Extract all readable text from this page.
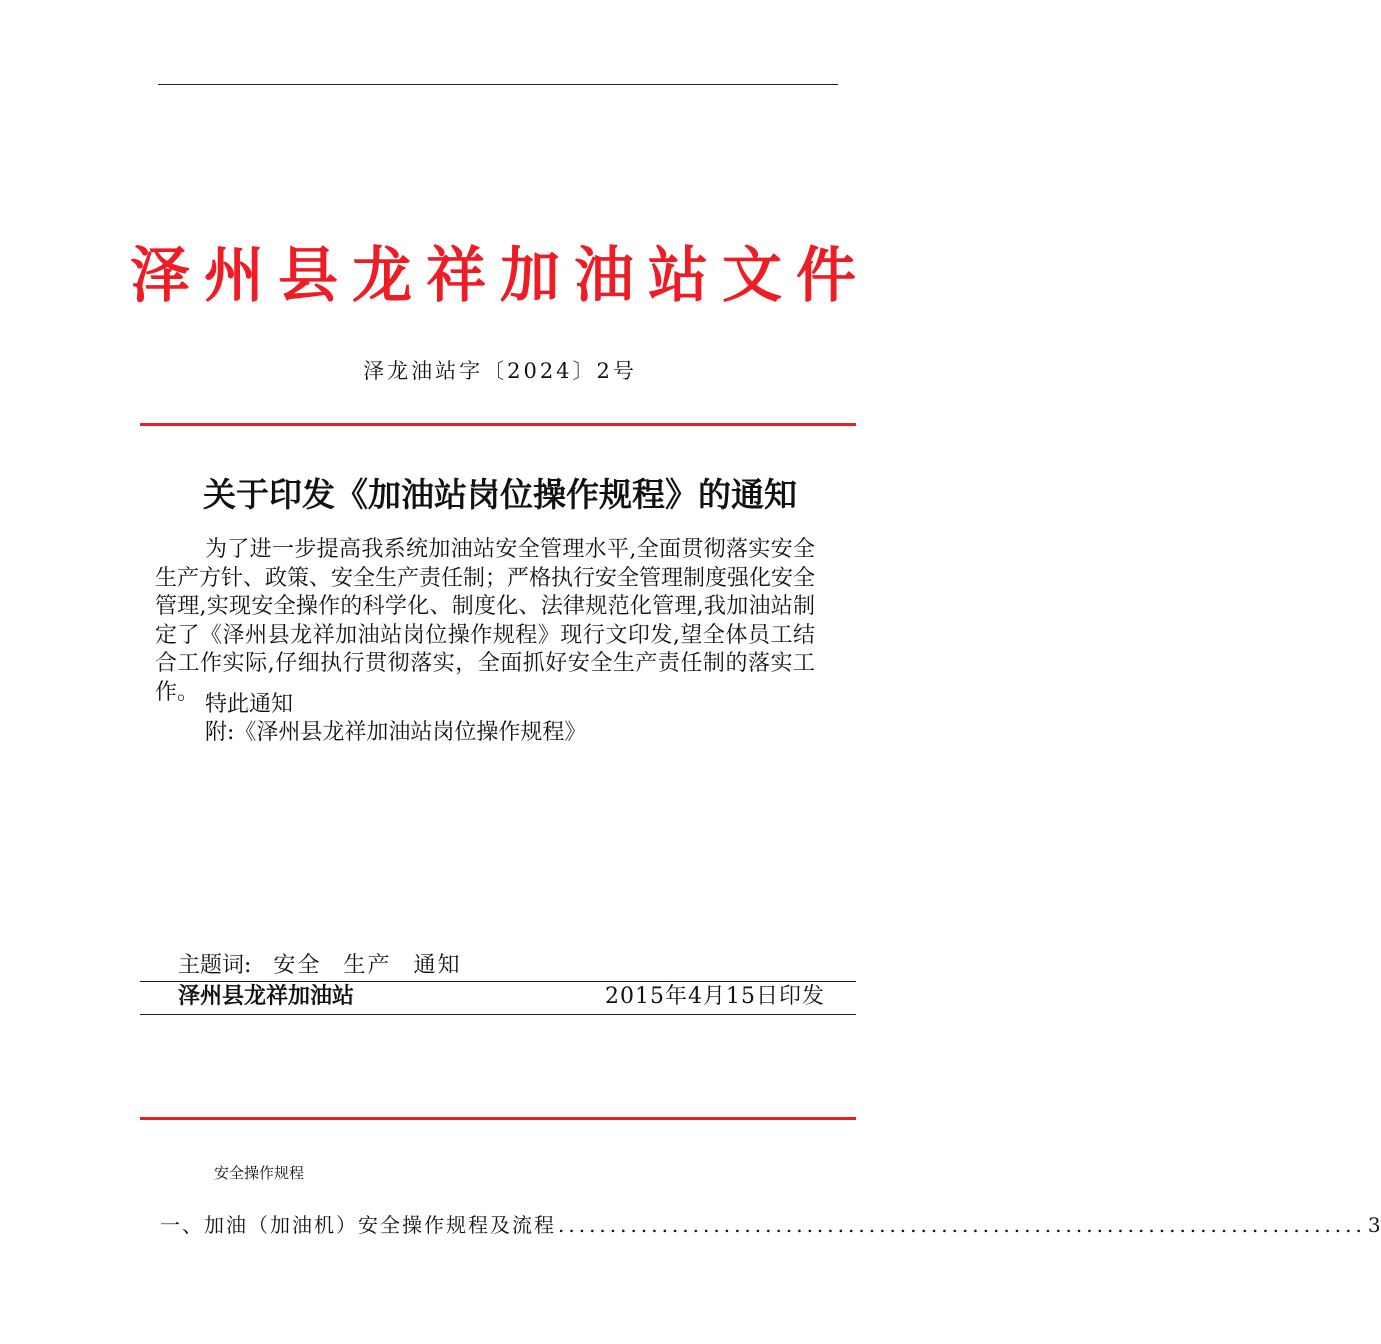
泽州县龙祥加油站文件
泽龙油站字〔2024〕2号
关于印发《加油站岗位操作规程》的通知

为了进一步提高我系统加油站安全管理水平,全面贯彻落实安全生产方针、政策、安全生产责任制；严格执行安全管理制度强化安全管理,实现安全操作的科学化、制度化、法律规范化管理,我加油站制定了《泽州县龙祥加油站岗位操作规程》现行文印发,望全体员工结合工作实际,仔细执行贯彻落实，全面抓好安全生产责任制的落实工作。 特此通知
附:《泽州县龙祥加油站岗位操作规程》
主题词: 安全 生产 通知
泽州县龙祥加油站	2015年4月15日印发
安全操作规程
一、加油（加油机）安全操作规程及流程 .............................................................................. 3
